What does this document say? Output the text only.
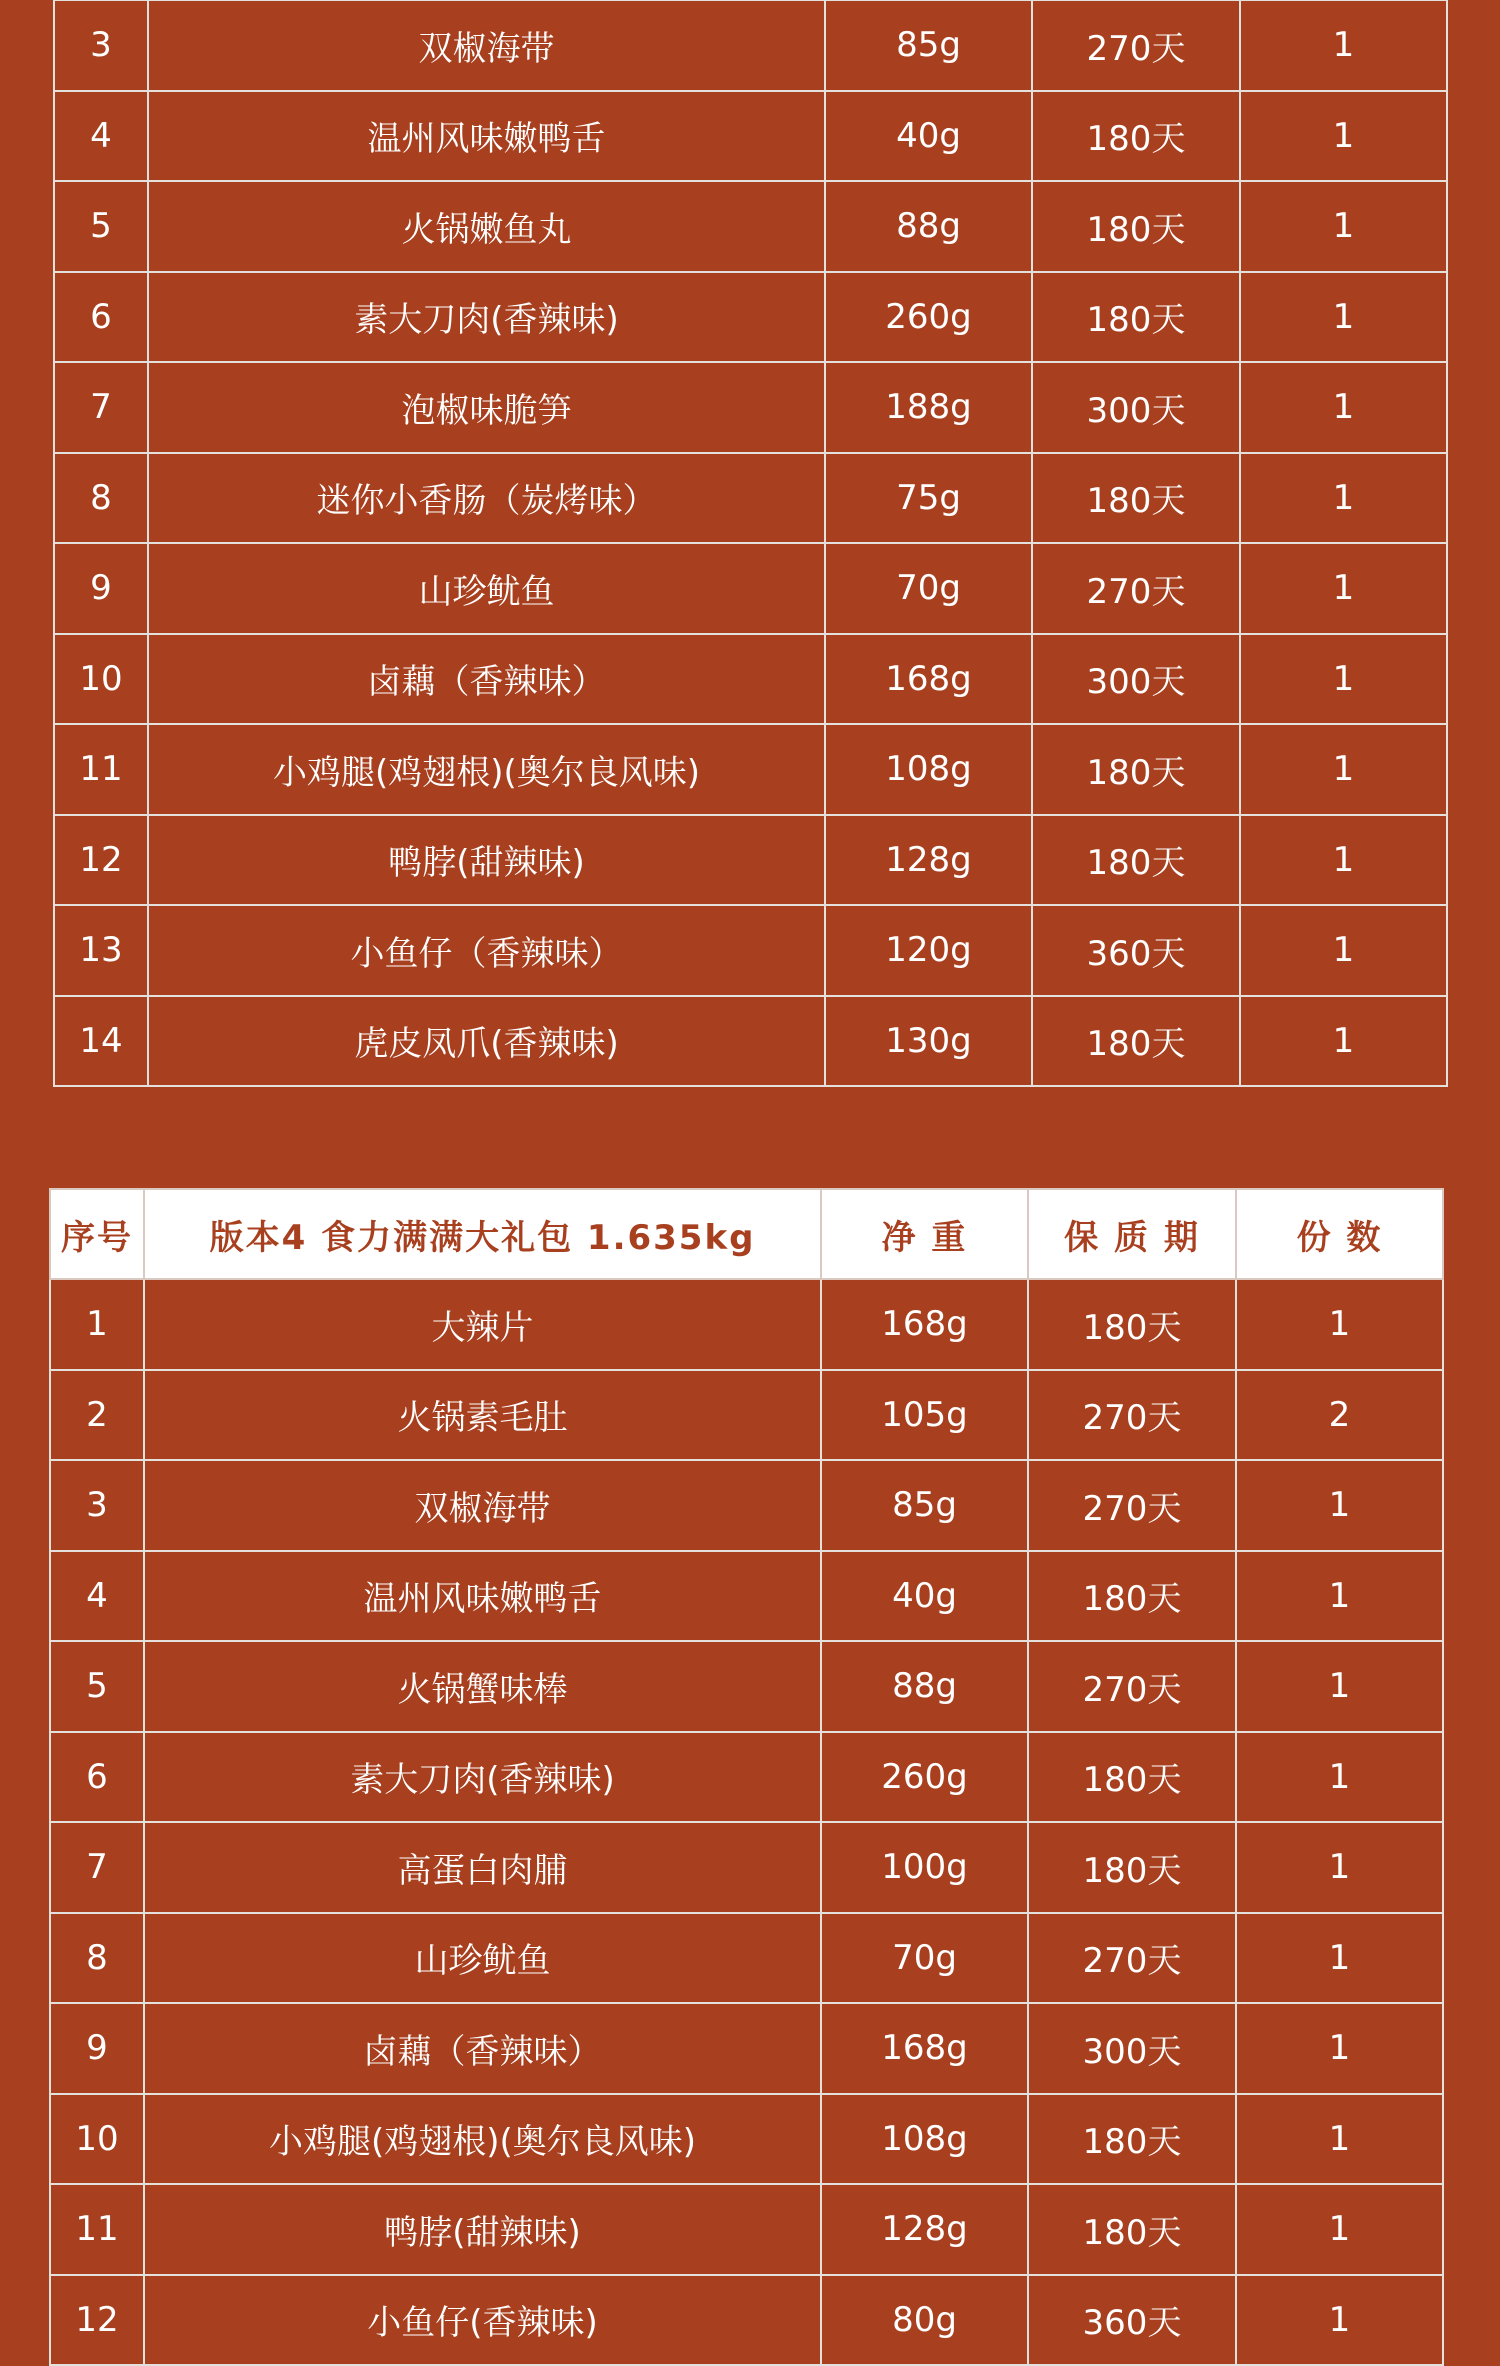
3	双椒海带	85g	270天	1
4	温州风味嫩鸭舌	40g	180天	1
5	火锅嫩鱼丸	88g	180天	1
6	素大刀肉(香辣味)	260g	180天	1
7	泡椒味脆笋	188g	300天	1
8	迷你小香肠（炭烤味）	75g	180天	1
9	山珍鱿鱼	70g	270天	1
10	卤藕（香辣味）	168g	300天	1
11	小鸡腿(鸡翅根)(奥尔良风味)	108g	180天	1
12	鸭脖(甜辣味)	128g	180天	1
13	小鱼仔（香辣味）	120g	360天	1
14	虎皮凤爪(香辣味)	130g	180天	1
序号	版本4 食力满满大礼包 1.635kg	净 重	保 质 期	份 数
1	大辣片	168g	180天	1
2	火锅素毛肚	105g	270天	2
3	双椒海带	85g	270天	1
4	温州风味嫩鸭舌	40g	180天	1
5	火锅蟹味棒	88g	270天	1
6	素大刀肉(香辣味)	260g	180天	1
7	高蛋白肉脯	100g	180天	1
8	山珍鱿鱼	70g	270天	1
9	卤藕（香辣味）	168g	300天	1
10	小鸡腿(鸡翅根)(奥尔良风味)	108g	180天	1
11	鸭脖(甜辣味)	128g	180天	1
12	小鱼仔(香辣味)	80g	360天	1
